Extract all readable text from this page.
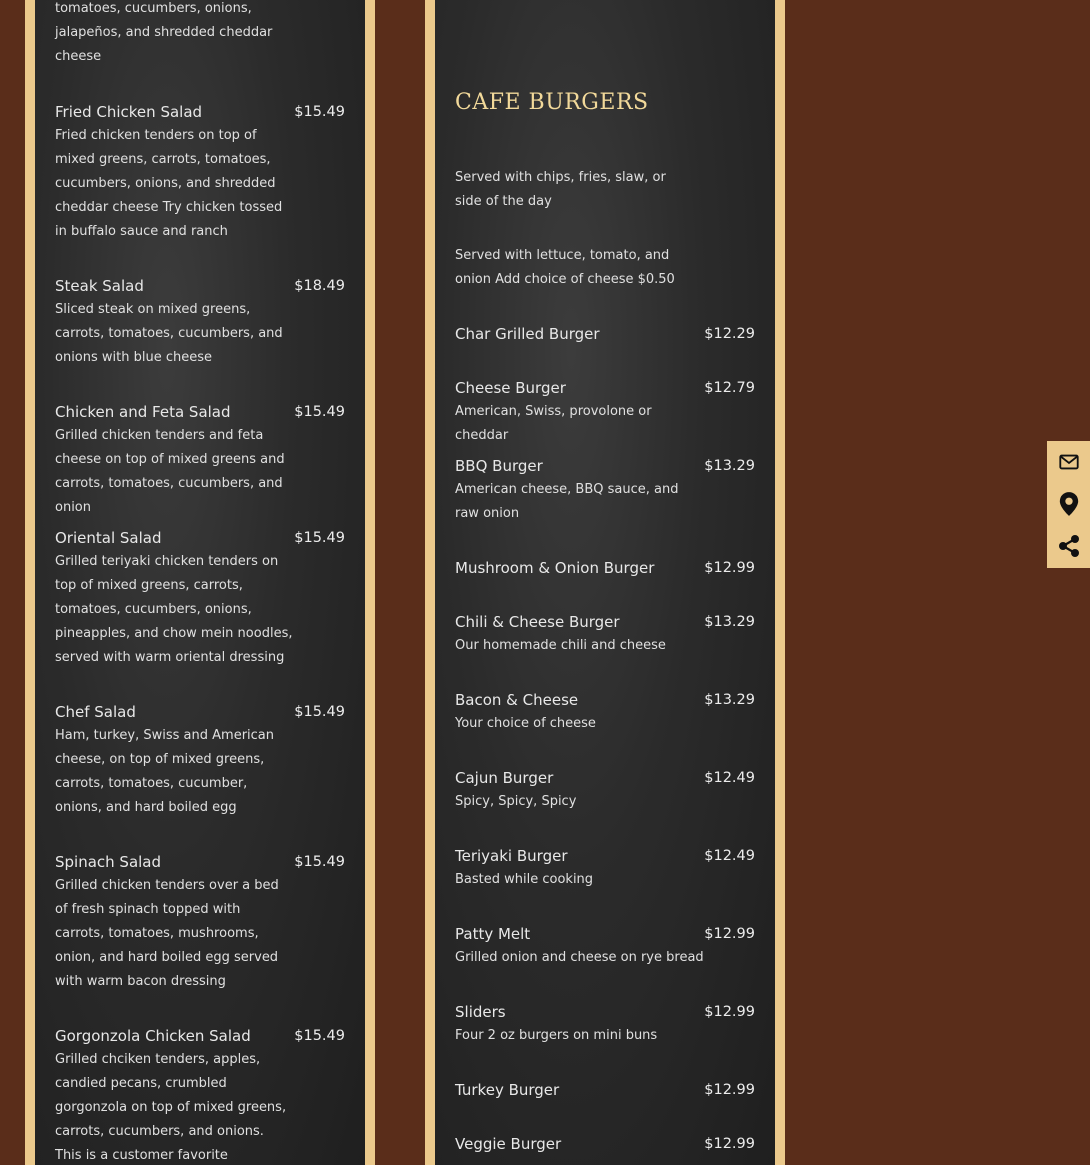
tomatoes, cucumbers, onions, jalapeños, and shredded cheddar cheese
Fried Chicken Salad	$15.49
Fried chicken tenders on top of mixed greens, carrots, tomatoes, cucumbers, onions, and shredded cheddar cheese Try chicken tossed in buffalo sauce and ranch
Steak Salad	$18.49
Sliced steak on mixed greens, carrots, tomatoes, cucumbers, and onions with blue cheese
Chicken and Feta Salad	$15.49
Grilled chicken tenders and feta cheese on top of mixed greens and carrots, tomatoes, cucumbers, and onion
Oriental Salad	$15.49
Grilled teriyaki chicken tenders on top of mixed greens, carrots, tomatoes, cucumbers, onions, pineapples, and chow mein noodles, served with warm oriental dressing
Chef Salad	$15.49
Ham, turkey, Swiss and American cheese, on top of mixed greens, carrots, tomatoes, cucumber, onions, and hard boiled egg
Spinach Salad	$15.49
Grilled chicken tenders over a bed of fresh spinach topped with carrots, tomatoes, mushrooms, onion, and hard boiled egg served with warm bacon dressing
Gorgonzola Chicken Salad	$15.49
Grilled chciken tenders, apples, candied pecans, crumbled gorgonzola on top of mixed greens, carrots, cucumbers, and onions. This is a customer favorite
CAFE BURGERS
Served with chips, fries, slaw, or side of the day
Served with lettuce, tomato, and onion Add choice of cheese $0.50
Char Grilled Burger	$12.29
Cheese Burger	$12.79
American, Swiss, provolone or cheddar
BBQ Burger	$13.29
American cheese, BBQ sauce, and raw onion
Mushroom & Onion Burger	$12.99
Chili & Cheese Burger	$13.29
Our homemade chili and cheese
Bacon & Cheese	$13.29
Your choice of cheese
Cajun Burger	$12.49
Spicy, Spicy, Spicy
Teriyaki Burger	$12.49
Basted while cooking
Patty Melt	$12.99
Grilled onion and cheese on rye bread
Sliders	$12.99
Four 2 oz burgers on mini buns
Turkey Burger	$12.99
Veggie Burger	$12.99
